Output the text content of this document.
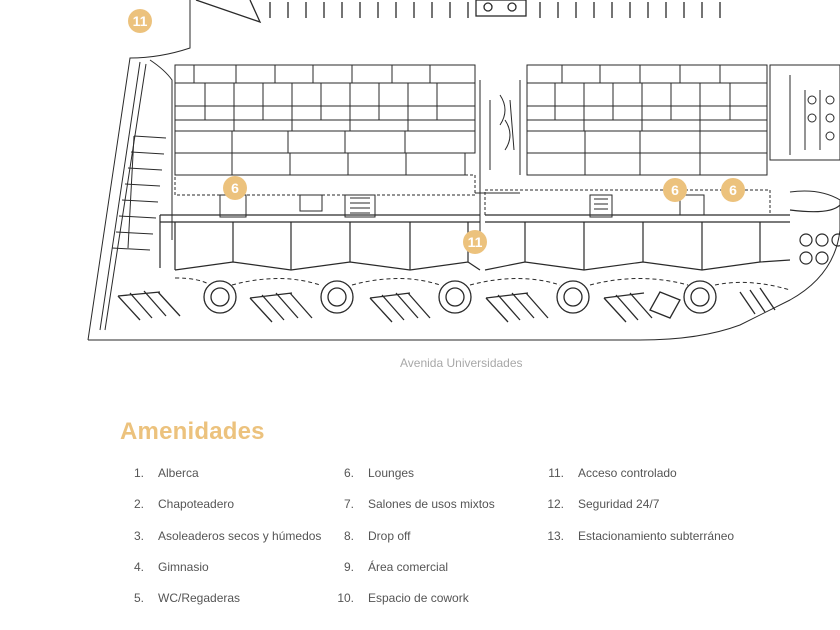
11
6
11
6	6
Avenida Universidades
Amenidades
1. Alberca
2. Chapoteadero
3. Asoleaderos secos y húmedos
4. Gimnasio
5. WC/Regaderas
6. Lounges
7. Salones de usos mixtos
8. Drop off
9. Área comercial
10. Espacio de cowork
11. Acceso controlado
12. Seguridad 24/7
13. Estacionamiento subterráneo
